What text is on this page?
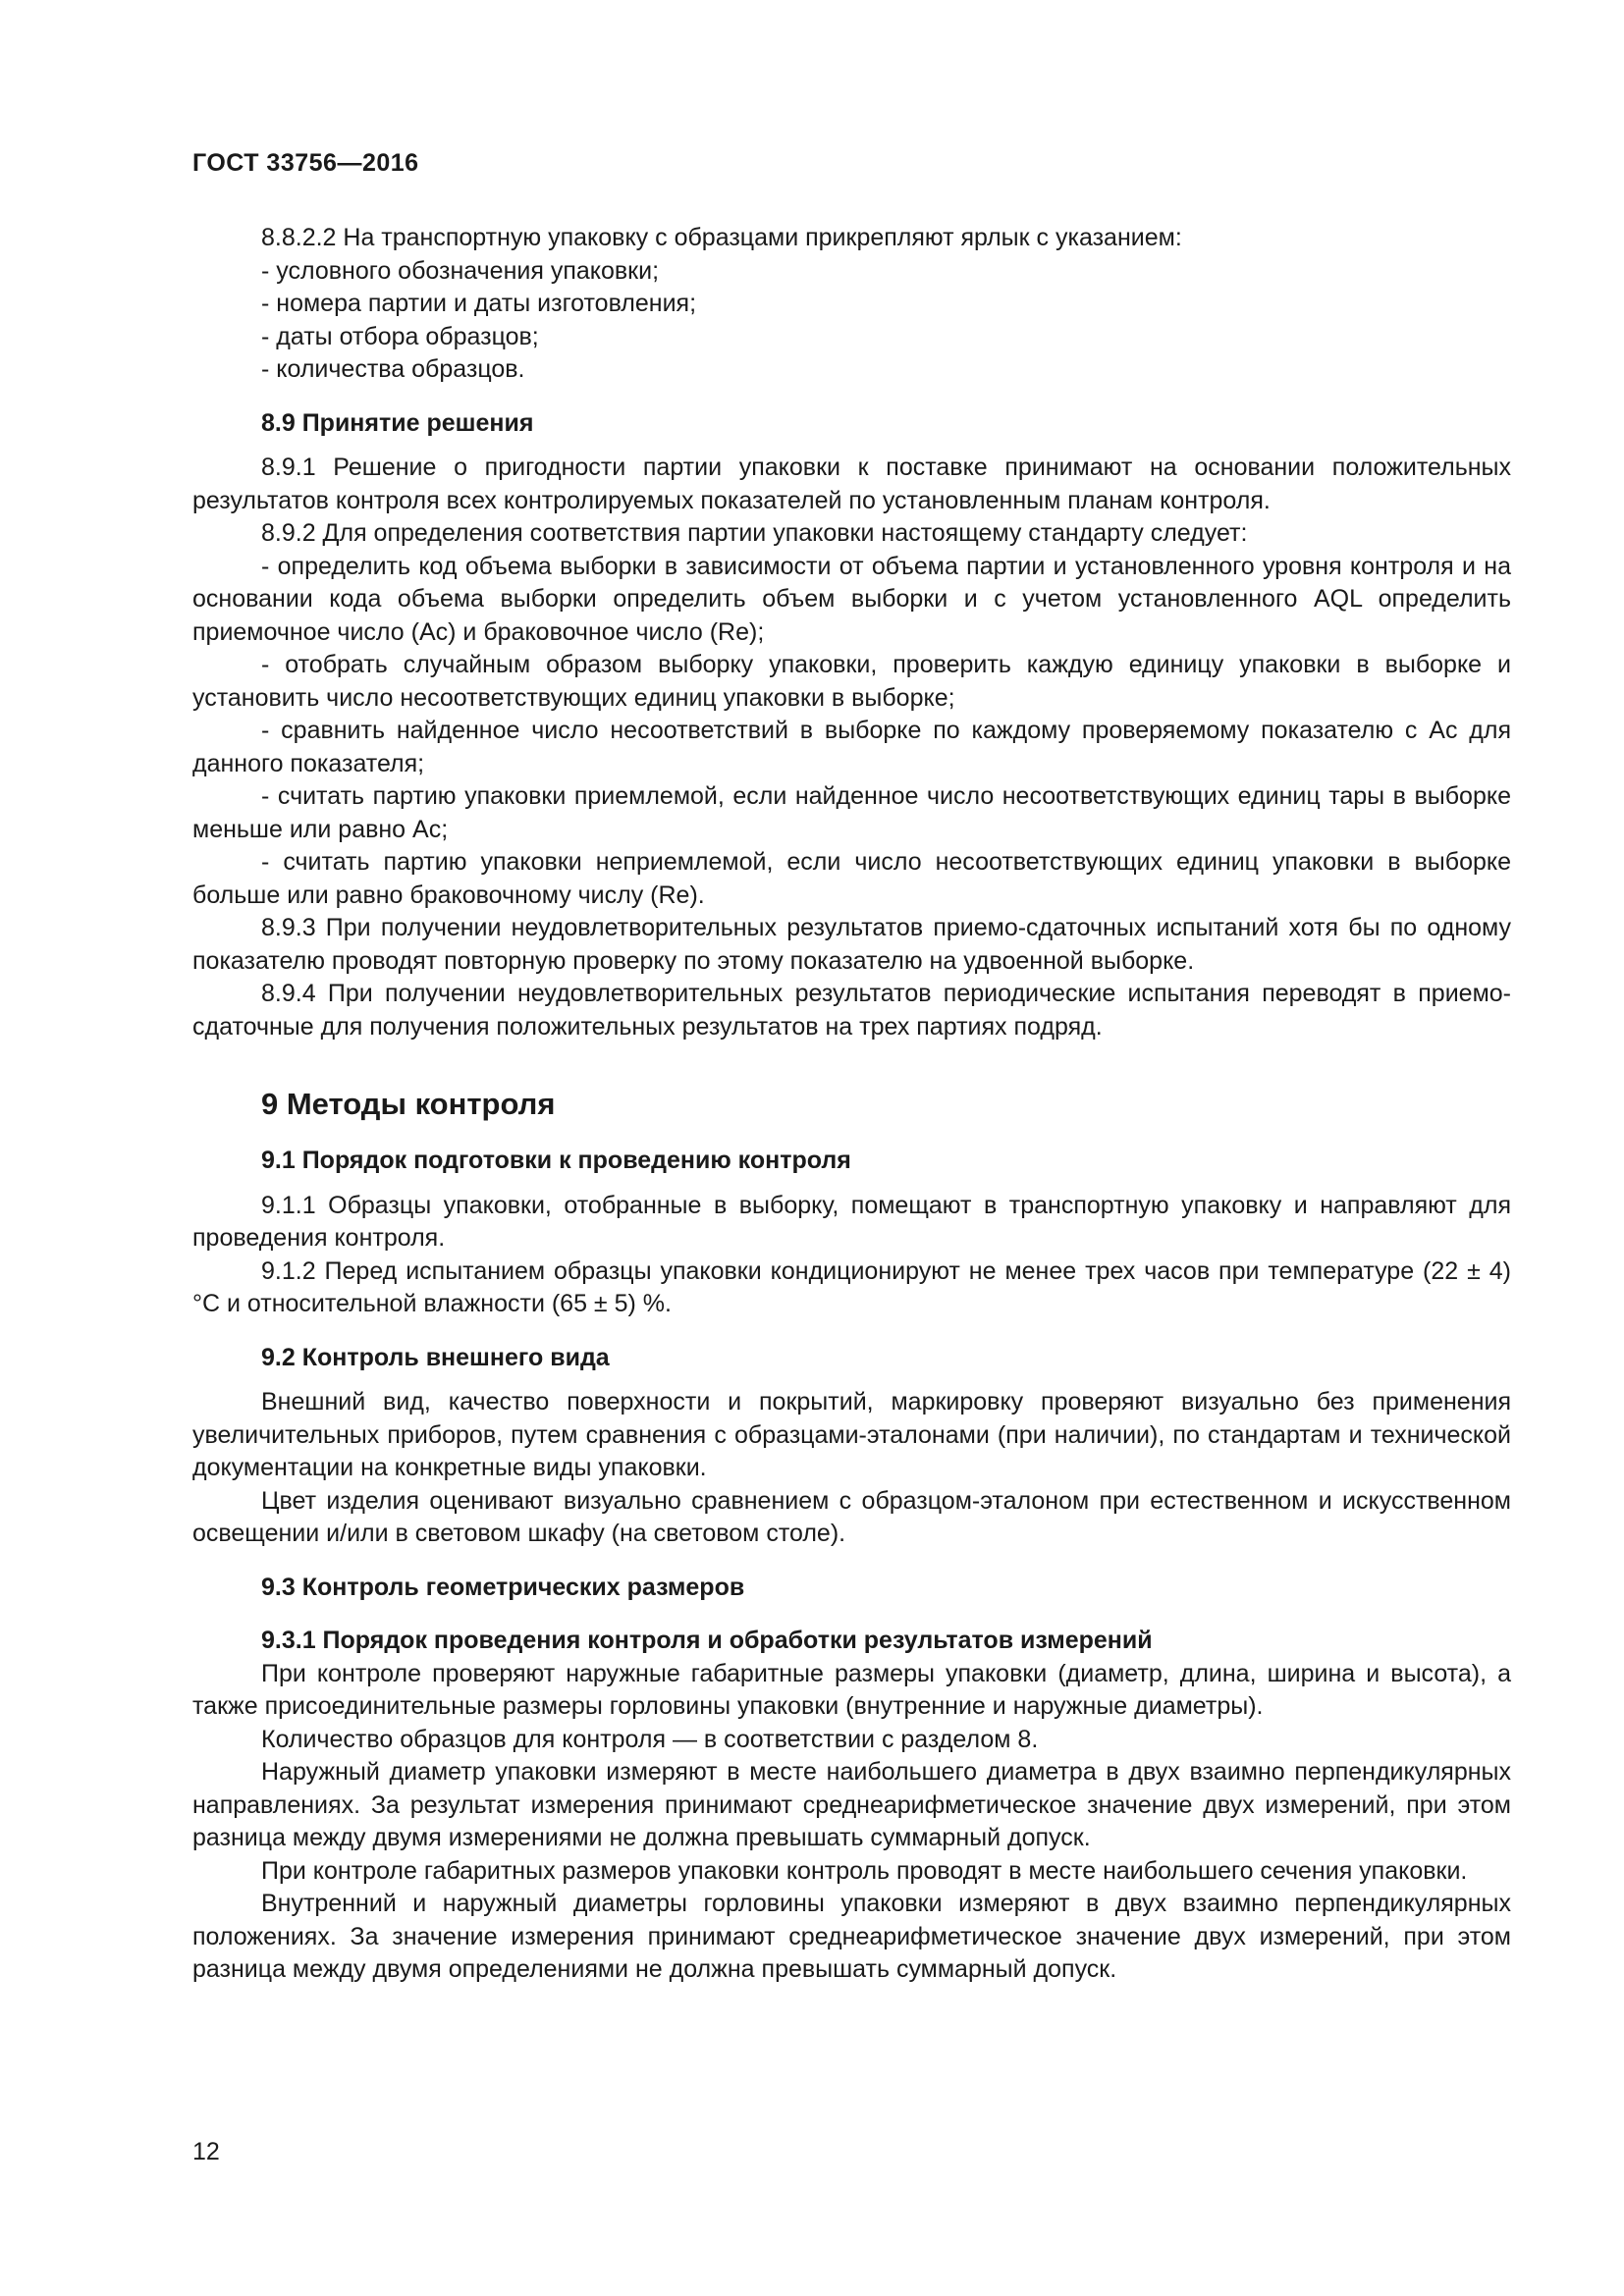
ГОСТ 33756—2016
8.8.2.2 На транспортную упаковку с образцами прикрепляют ярлык с указанием:
- условного обозначения упаковки;
- номера партии и даты изготовления;
- даты отбора образцов;
- количества образцов.
8.9 Принятие решения
8.9.1 Решение о пригодности партии упаковки к поставке принимают на основании положительных результатов контроля всех контролируемых показателей по установленным планам контроля.
8.9.2 Для определения соответствия партии упаковки настоящему стандарту следует:
- определить код объема выборки в зависимости от объема партии и установленного уровня контроля и на основании кода объема выборки определить объем выборки и с учетом установленного AQL определить приемочное число (Ac) и браковочное число (Re);
- отобрать случайным образом выборку упаковки, проверить каждую единицу упаковки в выборке и установить число несоответствующих единиц упаковки в выборке;
- сравнить найденное число несоответствий в выборке по каждому проверяемому показателю с Ac для данного показателя;
- считать партию упаковки приемлемой, если найденное число несоответствующих единиц тары в выборке меньше или равно Ac;
- считать партию упаковки неприемлемой, если число несоответствующих единиц упаковки в выборке больше или равно браковочному числу (Re).
8.9.3 При получении неудовлетворительных результатов приемо-сдаточных испытаний хотя бы по одному показателю проводят повторную проверку по этому показателю на удвоенной выборке.
8.9.4 При получении неудовлетворительных результатов периодические испытания переводят в приемо-сдаточные для получения положительных результатов на трех партиях подряд.
9 Методы контроля
9.1 Порядок подготовки к проведению контроля
9.1.1 Образцы упаковки, отобранные в выборку, помещают в транспортную упаковку и направляют для проведения контроля.
9.1.2 Перед испытанием образцы упаковки кондиционируют не менее трех часов при температуре (22 ± 4) °С и относительной влажности (65 ± 5) %.
9.2 Контроль внешнего вида
Внешний вид, качество поверхности и покрытий, маркировку проверяют визуально без применения увеличительных приборов, путем сравнения с образцами-эталонами (при наличии), по стандартам и технической документации на конкретные виды упаковки.
Цвет изделия оценивают визуально сравнением с образцом-эталоном при естественном и искусственном освещении и/или в световом шкафу (на световом столе).
9.3 Контроль геометрических размеров
9.3.1 Порядок проведения контроля и обработки результатов измерений
При контроле проверяют наружные габаритные размеры упаковки (диаметр, длина, ширина и высота), а также присоединительные размеры горловины упаковки (внутренние и наружные диаметры).
Количество образцов для контроля — в соответствии с разделом 8.
Наружный диаметр упаковки измеряют в месте наибольшего диаметра в двух взаимно перпендикулярных направлениях. За результат измерения принимают среднеарифметическое значение двух измерений, при этом разница между двумя измерениями не должна превышать суммарный допуск.
При контроле габаритных размеров упаковки контроль проводят в месте наибольшего сечения упаковки.
Внутренний и наружный диаметры горловины упаковки измеряют в двух взаимно перпендикулярных положениях. За значение измерения принимают среднеарифметическое значение двух измерений, при этом разница между двумя определениями не должна превышать суммарный допуск.
12
